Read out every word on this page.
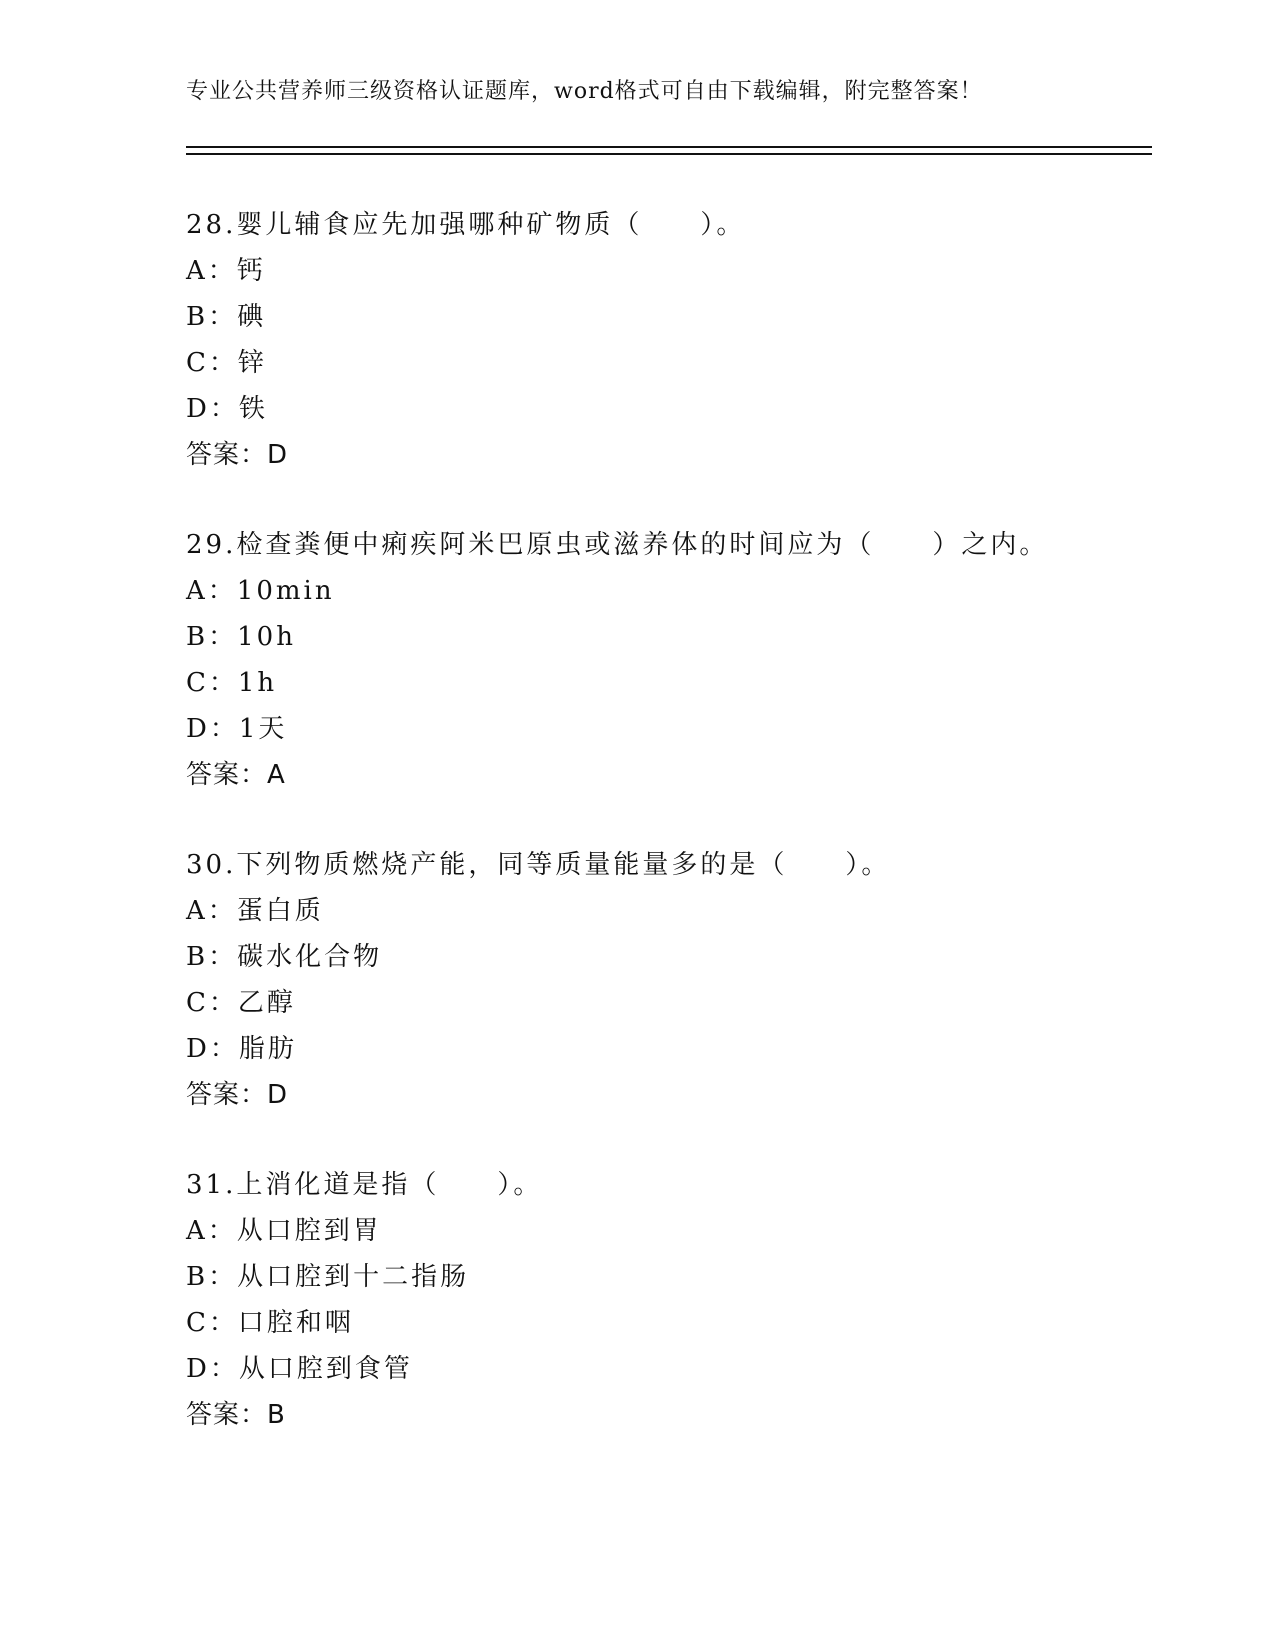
专业公共营养师三级资格认证题库，word格式可自由下载编辑，附完整答案！
28.婴儿辅食应先加强哪种矿物质（　　）。
A：钙
B：碘
C：锌
D：铁
答案：D
29.检查粪便中痢疾阿米巴原虫或滋养体的时间应为（　　）之内。
A：10min
B：10h
C：1h
D：1天
答案：A
30.下列物质燃烧产能，同等质量能量多的是（　　）。
A：蛋白质
B：碳水化合物
C：乙醇
D：脂肪
答案：D
31.上消化道是指（　　）。
A：从口腔到胃
B：从口腔到十二指肠
C：口腔和咽
D：从口腔到食管
答案：B
